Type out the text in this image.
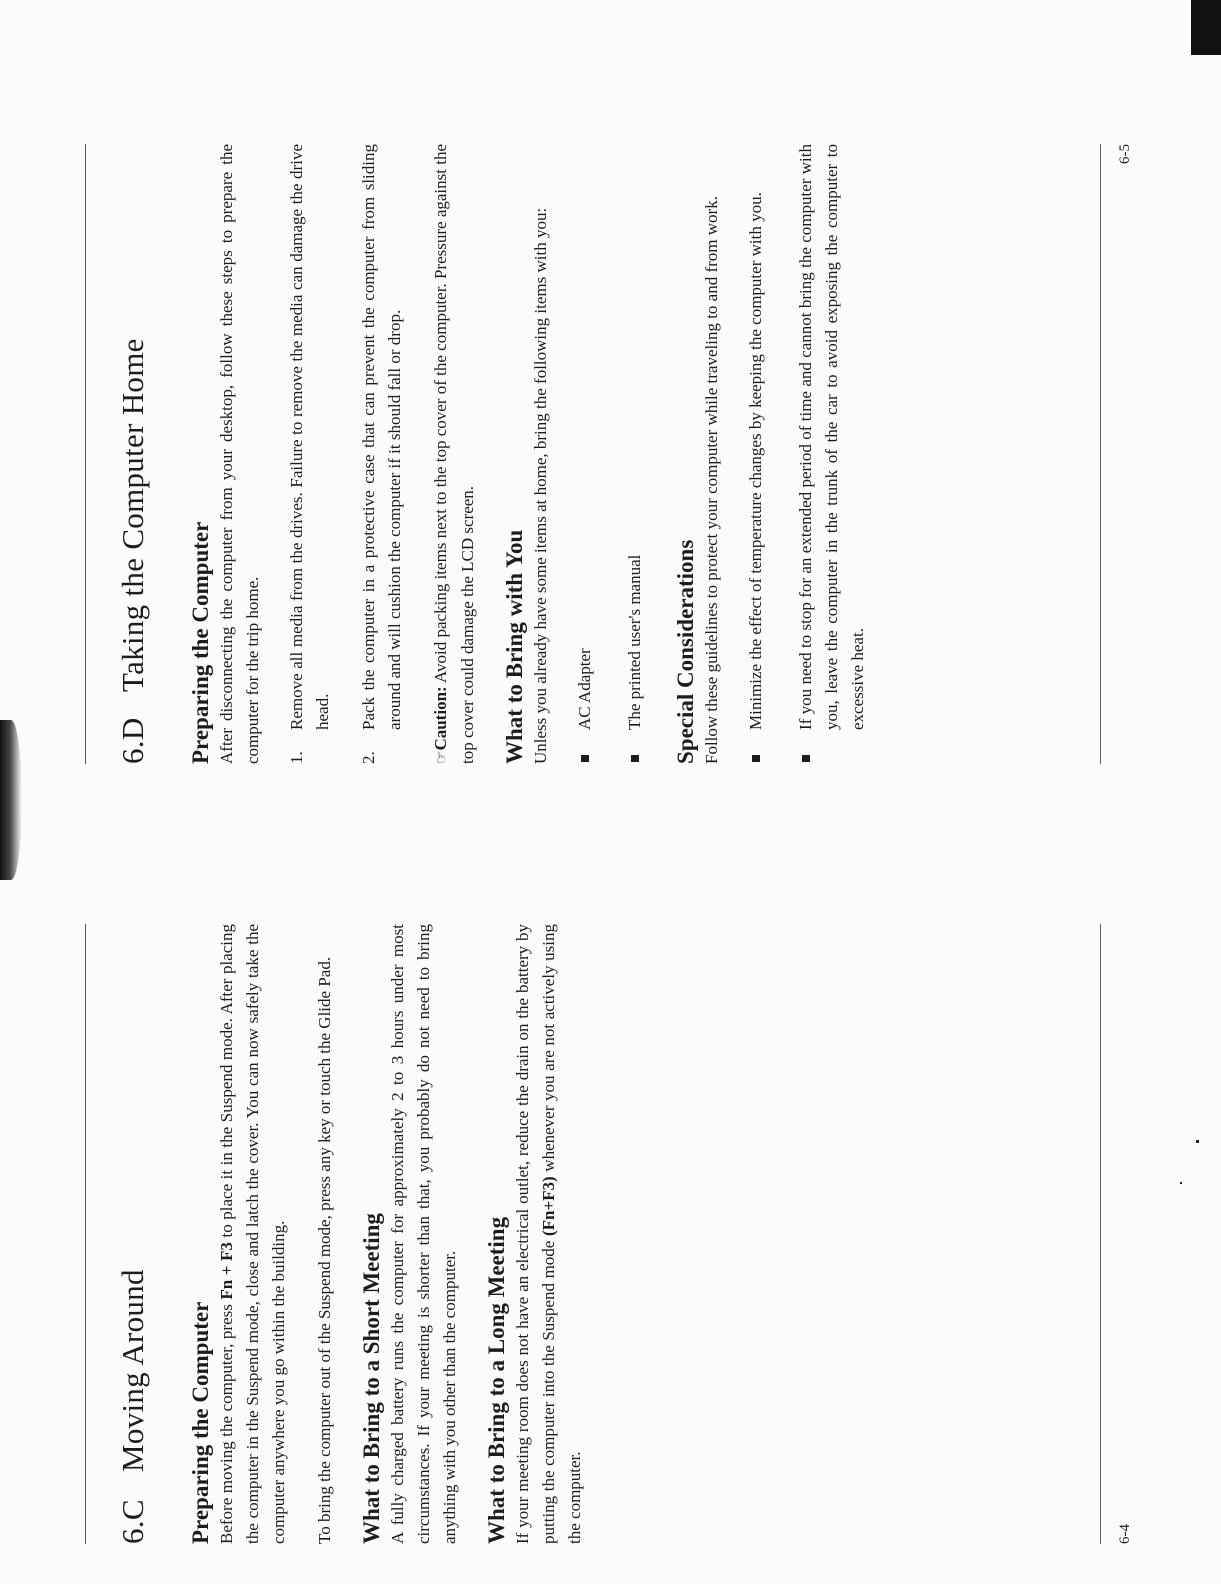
6.CMoving Around Preparing the Computer Before moving the computer, press Fn + F3 to place it in the Suspend mode. After placing the computer in the Suspend mode, close and latch the cover. You can now safely take the computer anywhere you go within the building. To bring the computer out of the Suspend mode, press any key or touch the Glide Pad. What to Bring to a Short Meeting A fully charged battery runs the computer for approximately 2 to 3 hours under most circumstances. If your meeting is shorter than that, you probably do not need to bring anything with you other than the computer. What to Bring to a Long Meeting If your meeting room does not have an electrical outlet, reduce the drain on the battery by putting the computer into the Suspend mode (Fn+F3) whenever you are not actively using the computer.	6-4
6.DTaking the Computer Home Preparing the Computer After disconnecting the computer from your desktop, follow these steps to prepare the computer for the trip home. 1.
Remove all media from the drives. Failure to remove the media can damage the drive head.
2.
Pack the computer in a protective case that can prevent the computer from sliding around and will cushion the computer if it should fall or drop.

☞Caution: Avoid packing items next to the top cover of the computer. Pressure against the top cover could damage the LCD screen. What to Bring with You Unless you already have some items at home, bring the following items with you: AC Adapter The printed user's manual Special Considerations Follow these guidelines to protect your computer while traveling to and from work. Minimize the effect of temperature changes by keeping the computer with you. If you need to stop for an extended period of time and cannot bring the computer with you, leave the computer in the trunk of the car to avoid exposing the computer to excessive heat.
6-5
